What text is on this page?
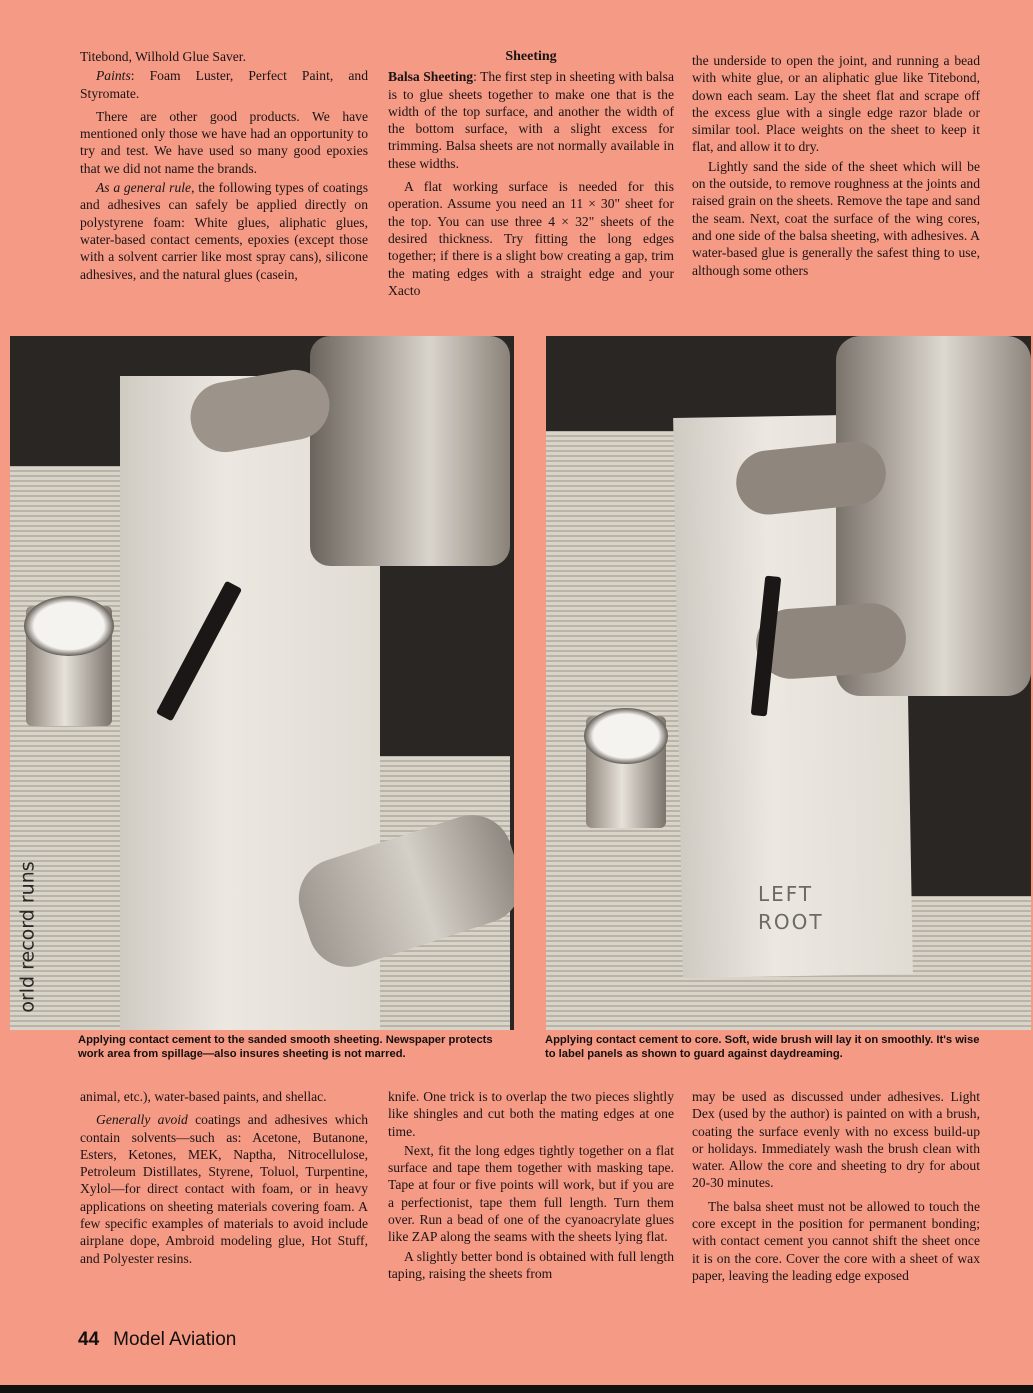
Titebond, Wilhold Glue Saver.

Paints: Foam Luster, Perfect Paint, and Styromate.

There are other good products. We have mentioned only those we have had an opportunity to try and test. We have used so many good epoxies that we did not name the brands.

As a general rule, the following types of coatings and adhesives can safely be applied directly on polystyrene foam: White glues, aliphatic glues, water-based contact cements, epoxies (except those with a solvent carrier like most spray cans), silicone adhesives, and the natural glues (casein,

Sheeting

Balsa Sheeting: The first step in sheeting with balsa is to glue sheets together to make one that is the width of the top surface, and another the width of the bottom surface, with a slight excess for trimming. Balsa sheets are not normally available in these widths.

A flat working surface is needed for this operation. Assume you need an 11 × 30" sheet for the top. You can use three 4 × 32" sheets of the desired thickness. Try fitting the long edges together; if there is a slight bow creating a gap, trim the mating edges with a straight edge and your Xacto

the underside to open the joint, and running a bead with white glue, or an aliphatic glue like Titebond, down each seam. Lay the sheet flat and scrape off the excess glue with a single edge razor blade or similar tool. Place weights on the sheet to keep it flat, and allow it to dry.

Lightly sand the side of the sheet which will be on the outside, to remove roughness at the joints and raised grain on the sheets. Remove the tape and sand the seam. Next, coat the surface of the wing cores, and one side of the balsa sheeting, with adhesives. A water-based glue is generally the safest thing to use, although some others

orld record runs	LEFT
ROOT
Applying contact cement to the sanded smooth sheeting. Newspaper protects work area from spillage—also insures sheeting is not marred.
Applying contact cement to core. Soft, wide brush will lay it on smoothly. It's wise to label panels as shown to guard against daydreaming.

animal, etc.), water-based paints, and shellac.

Generally avoid coatings and adhesives which contain solvents—such as: Acetone, Butanone, Esters, Ketones, MEK, Naptha, Nitrocellulose, Petroleum Distillates, Styrene, Toluol, Turpentine, Xylol—for direct contact with foam, or in heavy applications on sheeting materials covering foam. A few specific examples of materials to avoid include airplane dope, Ambroid modeling glue, Hot Stuff, and Polyester resins.

knife. One trick is to overlap the two pieces slightly like shingles and cut both the mating edges at one time.

Next, fit the long edges tightly together on a flat surface and tape them together with masking tape. Tape at four or five points will work, but if you are a perfectionist, tape them full length. Turn them over. Run a bead of one of the cyanoacrylate glues like ZAP along the seams with the sheets lying flat.

A slightly better bond is obtained with full length taping, raising the sheets from

may be used as discussed under adhesives. Light Dex (used by the author) is painted on with a brush, coating the surface evenly with no excess build-up or holidays. Immediately wash the brush clean with water. Allow the core and sheeting to dry for about 20-30 minutes.

The balsa sheet must not be allowed to touch the core except in the position for permanent bonding; with contact cement you cannot shift the sheet once it is on the core. Cover the core with a sheet of wax paper, leaving the leading edge exposed

44 Model Aviation
